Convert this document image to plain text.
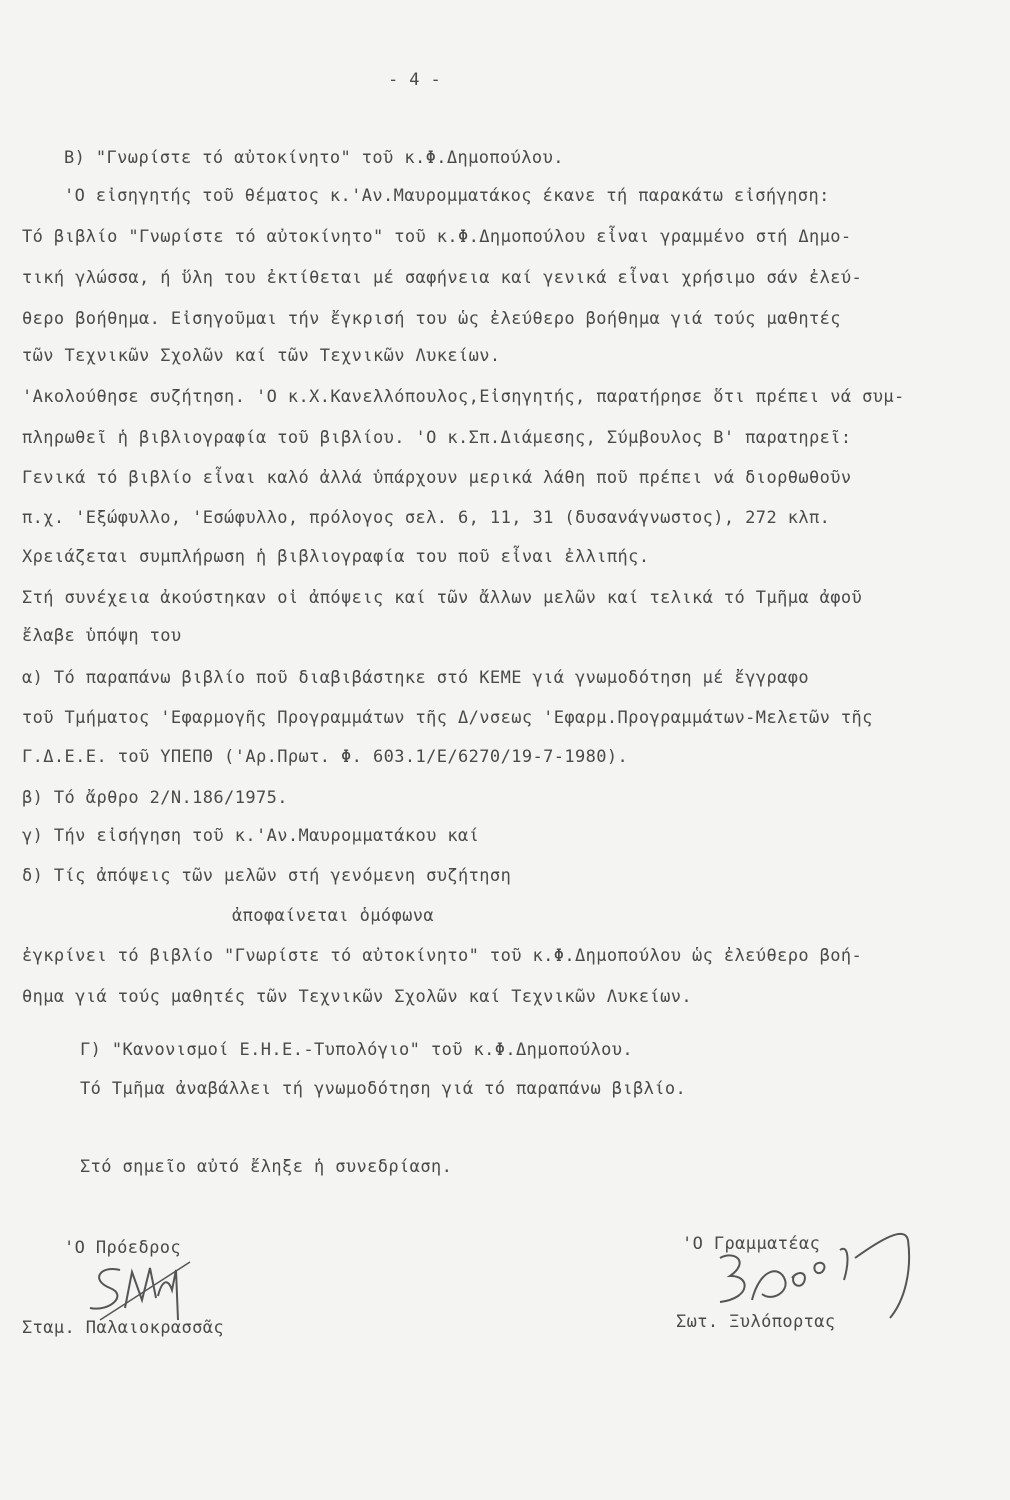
- 4 -
Β) "Γνωρίστε τό αὐτοκίνητο" τοῦ κ.Φ.Δημοπούλου.
'Ο εἰσηγητής τοῦ θέματος κ.'Αν.Μαυρομματάκος έκανε τή παρακάτω εἰσήγηση:
Τό βιβλίο "Γνωρίστε τό αὐτοκίνητο" τοῦ κ.Φ.Δημοπούλου εἶναι γραμμένο στή Δημο-
τική γλώσσα, ή ὕλη του ἐκτίθεται μέ σαφήνεια καί γενικά εἶναι χρήσιμο σάν ἐλεύ-
θερο βοήθημα. Εἰσηγοῦμαι τήν ἔγκρισή του ὡς ἐλεύθερο βοήθημα γιά τούς μαθητές
τῶν Τεχνικῶν Σχολῶν καί τῶν Τεχνικῶν Λυκείων.
'Ακολούθησε συζήτηση. 'Ο κ.Χ.Κανελλόπουλος,Εἰσηγητής, παρατήρησε ὅτι πρέπει νά συμ-
πληρωθεῖ ἡ βιβλιογραφία τοῦ βιβλίου. 'Ο κ.Σπ.Διάμεσης, Σύμβουλος Β' παρατηρεῖ:
Γενικά τό βιβλίο εἶναι καλό ἀλλά ὑπάρχουν μερικά λάθη ποῦ πρέπει νά διορθωθοῦν
π.χ. 'Εξώφυλλο, 'Εσώφυλλο, πρόλογος σελ. 6, 11, 31 (δυσανάγνωστος), 272 κλπ.
Χρειάζεται συμπλήρωση ἡ βιβλιογραφία του ποῦ εἶναι ἐλλιπής.
Στή συνέχεια ἀκούστηκαν οἱ ἀπόψεις καί τῶν ἄλλων μελῶν καί τελικά τό Τμῆμα ἀφοῦ
ἔλαβε ὑπόψη του
α) Τό παραπάνω βιβλίο ποῦ διαβιβάστηκε στό ΚΕΜΕ γιά γνωμοδότηση μέ ἔγγραφο
τοῦ Τμήματος 'Εφαρμογῆς Προγραμμάτων τῆς Δ/νσεως 'Εφαρμ.Προγραμμάτων-Μελετῶν τῆς
Γ.Δ.Ε.Ε. τοῦ ΥΠΕΠΘ ('Αρ.Πρωτ. Φ. 603.1/Ε/6270/19-7-1980).
β) Τό ἄρθρο 2/Ν.186/1975.
γ) Τήν εἰσήγηση τοῦ κ.'Αν.Μαυρομματάκου καί
δ) Τίς ἀπόψεις τῶν μελῶν στή γενόμενη συζήτηση
ἀποφαίνεται ὁμόφωνα
ἐγκρίνει τό βιβλίο "Γνωρίστε τό αὐτοκίνητο" τοῦ κ.Φ.Δημοπούλου ὡς ἐλεύθερο βοή-
θημα γιά τούς μαθητές τῶν Τεχνικῶν Σχολῶν καί Τεχνικῶν Λυκείων.
Γ) "Κανονισμοί Ε.Η.Ε.-Τυπολόγιο" τοῦ κ.Φ.Δημοπούλου.
Τό Τμῆμα ἀναβάλλει τή γνωμοδότηση γιά τό παραπάνω βιβλίο.
Στό σημεῖο αὐτό ἔληξε ἡ συνεδρίαση.
'Ο Πρόεδρος
Σταμ. Παλαιοκρασσᾶς
'Ο Γραμματέας
Σωτ. Ξυλόπορτας
